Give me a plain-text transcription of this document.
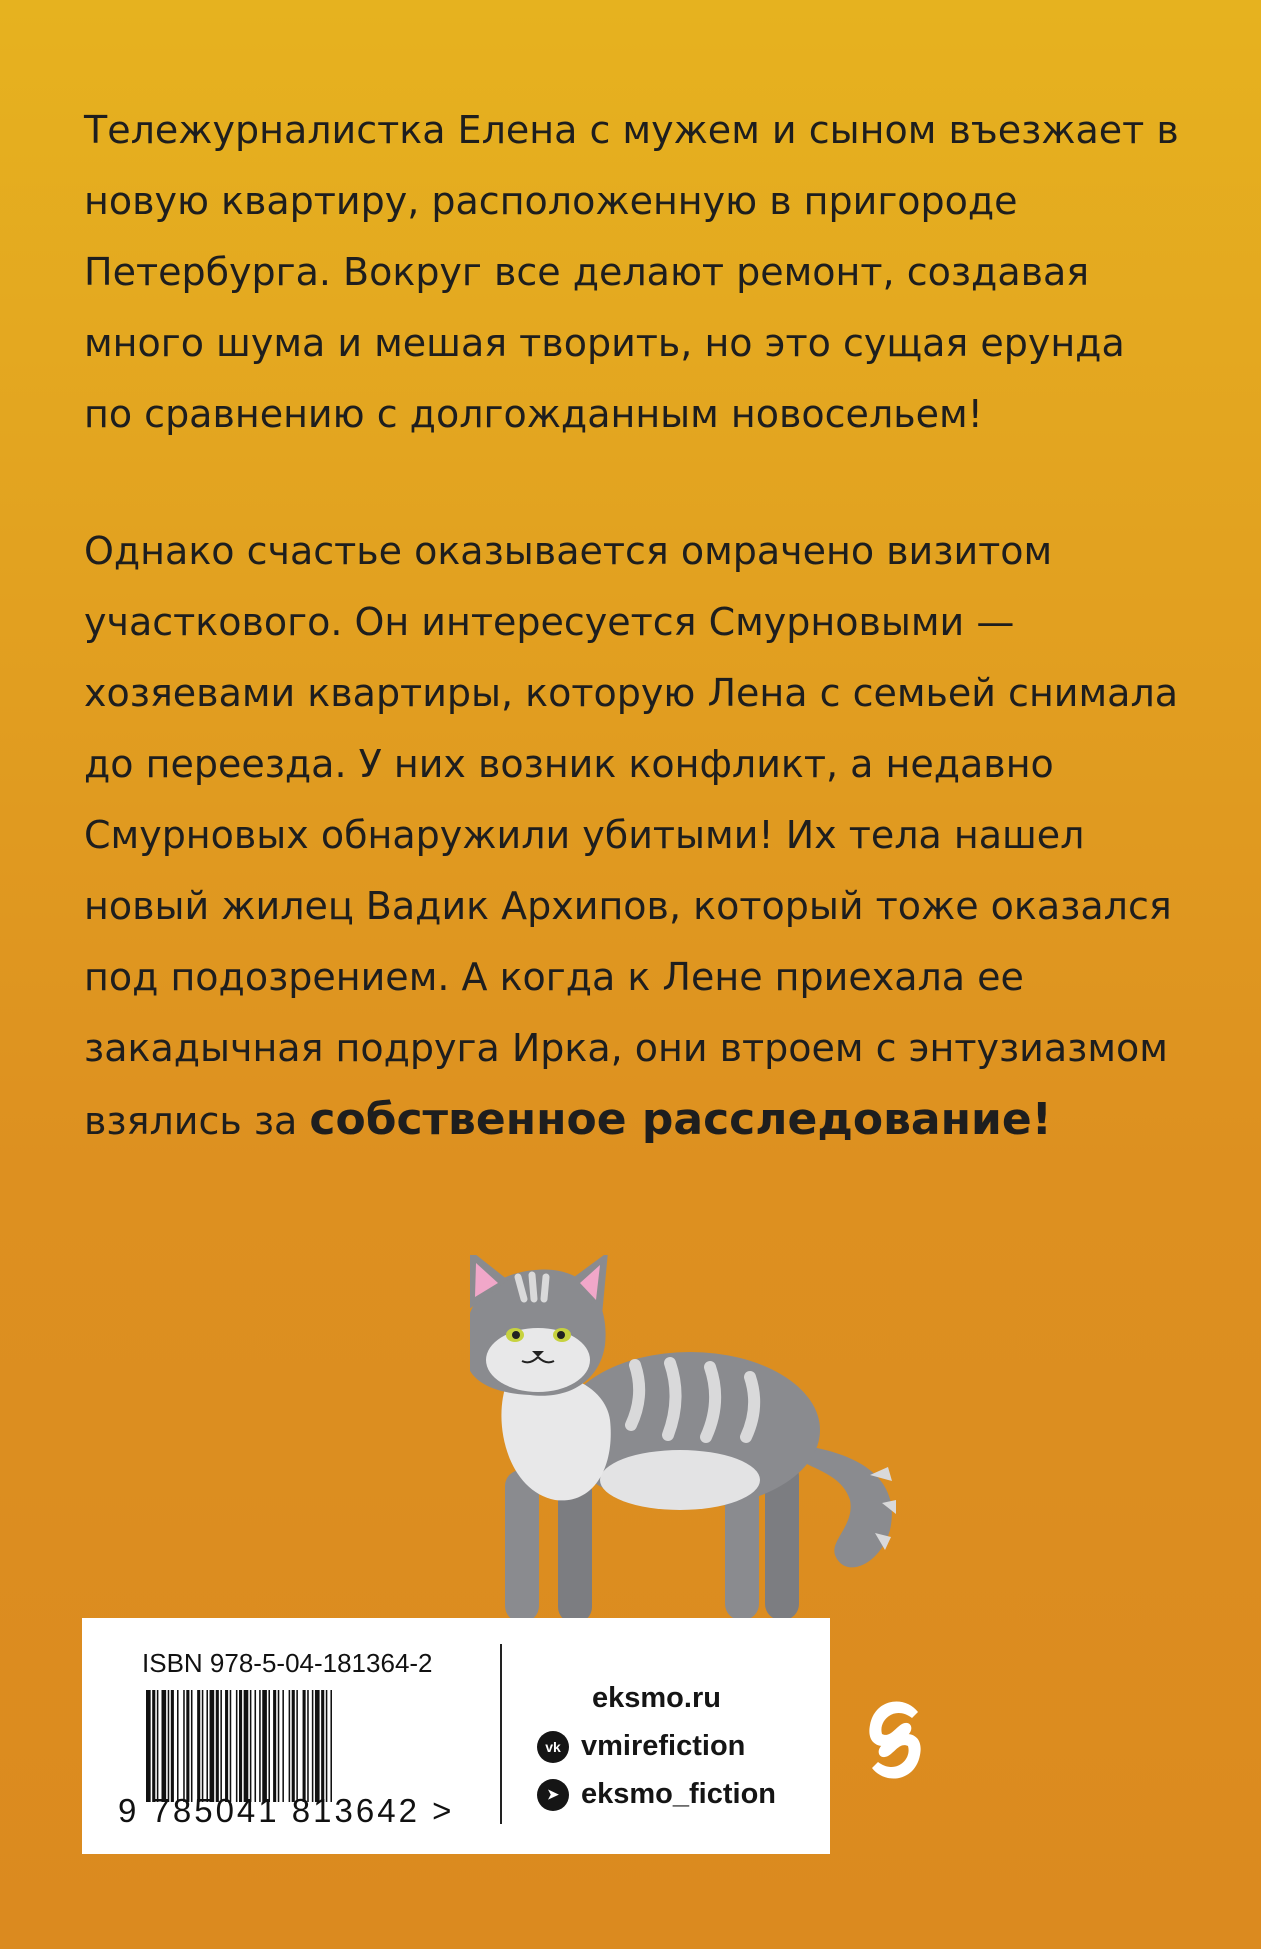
Тележурналистка Елена с мужем и сыном въезжает в новую квартиру, расположенную в пригороде Петербурга. Вокруг все делают ремонт, создавая много шума и мешая творить, но это сущая ерунда по сравнению с долгожданным новосельем!

Однако счастье оказывается омрачено визитом участкового. Он интересуется Смурновыми — хозяевами квартиры, которую Лена с семьей снимала до переезда. У них возник конфликт, а недавно Смурновых обнаружили убитыми! Их тела нашел новый жилец Вадик Архипов, который тоже оказался под подозрением. А когда к Лене приехала ее закадычная подруга Ирка, они втроем с энтузиазмом взялись за собственное расследование!

ISBN 978-5-04-181364-2
9 785041 813642 >
eksmo.ru
vk vmirefiction
➤ eksmo_fiction
